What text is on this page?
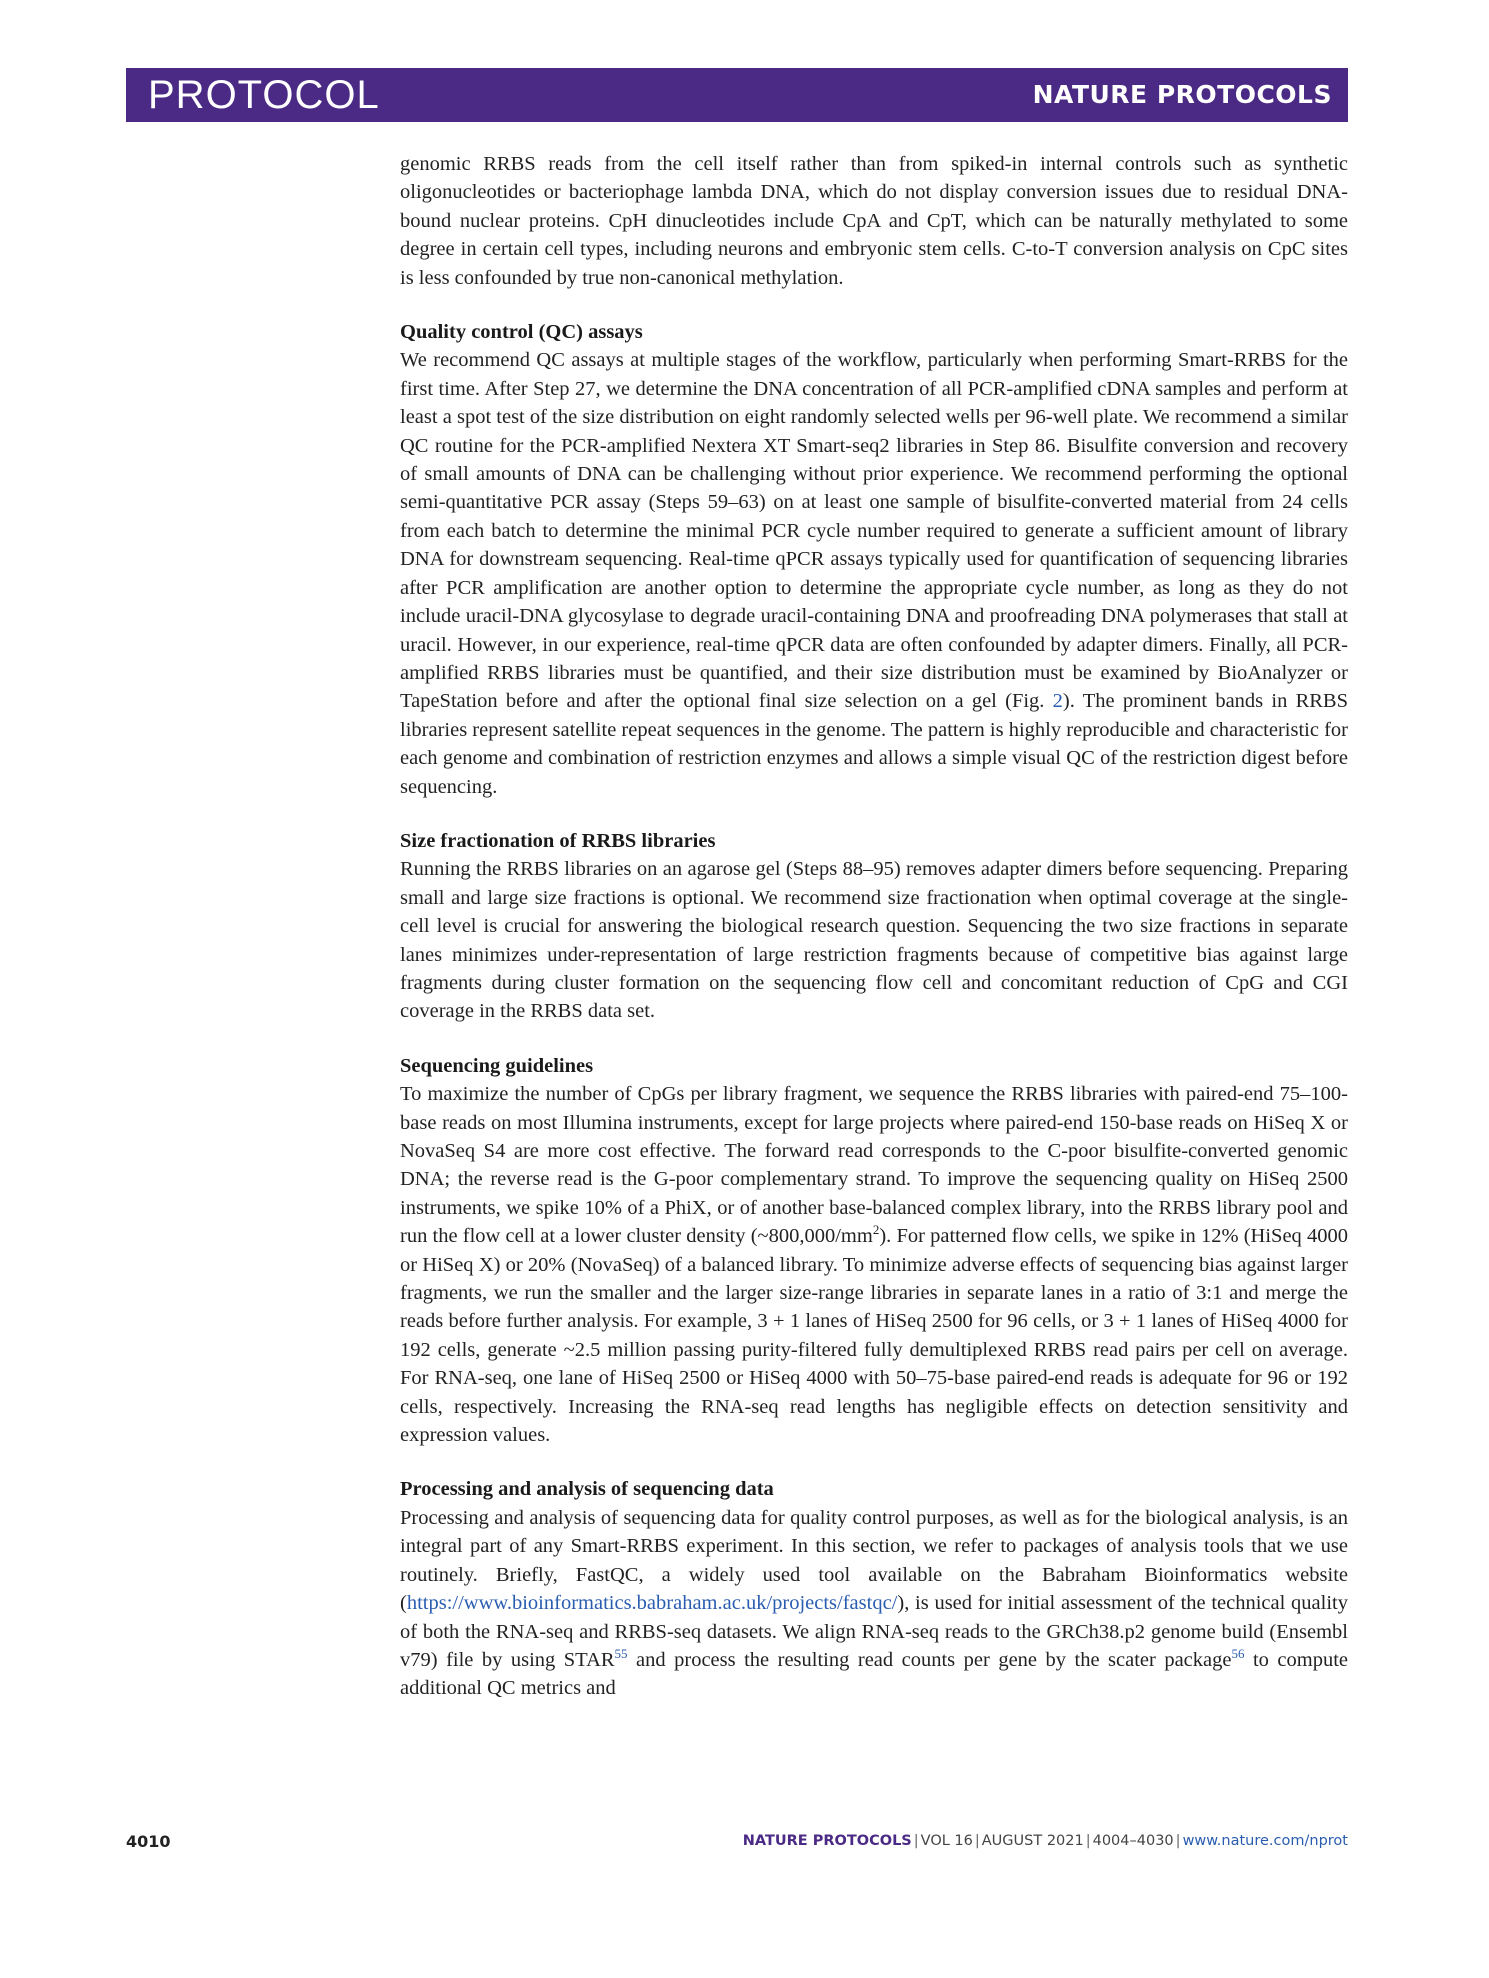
PROTOCOL	NATURE PROTOCOLS

genomic RRBS reads from the cell itself rather than from spiked-in internal controls such as synthetic oligonucleotides or bacteriophage lambda DNA, which do not display conversion issues due to residual DNA-bound nuclear proteins. CpH dinucleotides include CpA and CpT, which can be naturally methylated to some degree in certain cell types, including neurons and embryonic stem cells. C-to-T conversion analysis on CpC sites is less confounded by true non-canonical methylation.

Quality control (QC) assays

We recommend QC assays at multiple stages of the workflow, particularly when performing Smart-RRBS for the first time. After Step 27, we determine the DNA concentration of all PCR-amplified cDNA samples and perform at least a spot test of the size distribution on eight randomly selected wells per 96-well plate. We recommend a similar QC routine for the PCR-amplified Nextera XT Smart-seq2 libraries in Step 86. Bisulfite conversion and recovery of small amounts of DNA can be challenging without prior experience. We recommend performing the optional semi-quantitative PCR assay (Steps 59–63) on at least one sample of bisulfite-converted material from 24 cells from each batch to determine the minimal PCR cycle number required to generate a sufficient amount of library DNA for downstream sequencing. Real-time qPCR assays typically used for quantification of sequencing libraries after PCR amplification are another option to determine the appropriate cycle number, as long as they do not include uracil-DNA glycosylase to degrade uracil-containing DNA and proofreading DNA polymerases that stall at uracil. However, in our experience, real-time qPCR data are often confounded by adapter dimers. Finally, all PCR-amplified RRBS libraries must be quantified, and their size distribution must be examined by BioAnalyzer or TapeStation before and after the optional final size selection on a gel (Fig. 2). The prominent bands in RRBS libraries represent satellite repeat sequences in the genome. The pattern is highly reproducible and characteristic for each genome and combination of restriction enzymes and allows a simple visual QC of the restriction digest before sequencing.

Size fractionation of RRBS libraries

Running the RRBS libraries on an agarose gel (Steps 88–95) removes adapter dimers before sequencing. Preparing small and large size fractions is optional. We recommend size fractionation when optimal coverage at the single-cell level is crucial for answering the biological research question. Sequencing the two size fractions in separate lanes minimizes under-representation of large restriction fragments because of competitive bias against large fragments during cluster formation on the sequencing flow cell and concomitant reduction of CpG and CGI coverage in the RRBS data set.

Sequencing guidelines

To maximize the number of CpGs per library fragment, we sequence the RRBS libraries with paired-end 75–100-base reads on most Illumina instruments, except for large projects where paired-end 150-base reads on HiSeq X or NovaSeq S4 are more cost effective. The forward read corresponds to the C-poor bisulfite-converted genomic DNA; the reverse read is the G-poor complementary strand. To improve the sequencing quality on HiSeq 2500 instruments, we spike 10% of a PhiX, or of another base-balanced complex library, into the RRBS library pool and run the flow cell at a lower cluster density $(\sim 800,000/mm^2)$. For patterned flow cells, we spike in 12% (HiSeq 4000 or HiSeq X) or 20% (NovaSeq) of a balanced library. To minimize adverse effects of sequencing bias against larger fragments, we run the smaller and the larger size-range libraries in separate lanes in a ratio of 3:1 and merge the reads before further analysis. For example, 3 + 1 lanes of HiSeq 2500 for 96 cells, or 3 + 1 lanes of HiSeq 4000 for 192 cells, generate ~2.5 million passing purity-filtered fully demultiplexed RRBS read pairs per cell on average. For RNA-seq, one lane of HiSeq 2500 or HiSeq 4000 with 50–75-base paired-end reads is adequate for 96 or 192 cells, respectively. Increasing the RNA-seq read lengths has negligible effects on detection sensitivity and expression values.

Processing and analysis of sequencing data

Processing and analysis of sequencing data for quality control purposes, as well as for the biological analysis, is an integral part of any Smart-RRBS experiment. In this section, we refer to packages of analysis tools that we use routinely. Briefly, FastQC, a widely used tool available on the Babraham Bioinformatics website (https://www.bioinformatics.babraham.ac.uk/projects/fastqc/), is used for initial assessment of the technical quality of both the RNA-seq and RRBS-seq datasets. We align RNA-seq reads to the GRCh38.p2 genome build (Ensembl v79) file by using STAR$^{55}$ and process the resulting read counts per gene by the scater package$^{56}$ to compute additional QC metrics and

4010	NATURE PROTOCOLS | VOL 16 | AUGUST 2021 | 4004–4030 | www.nature.com/nprot
